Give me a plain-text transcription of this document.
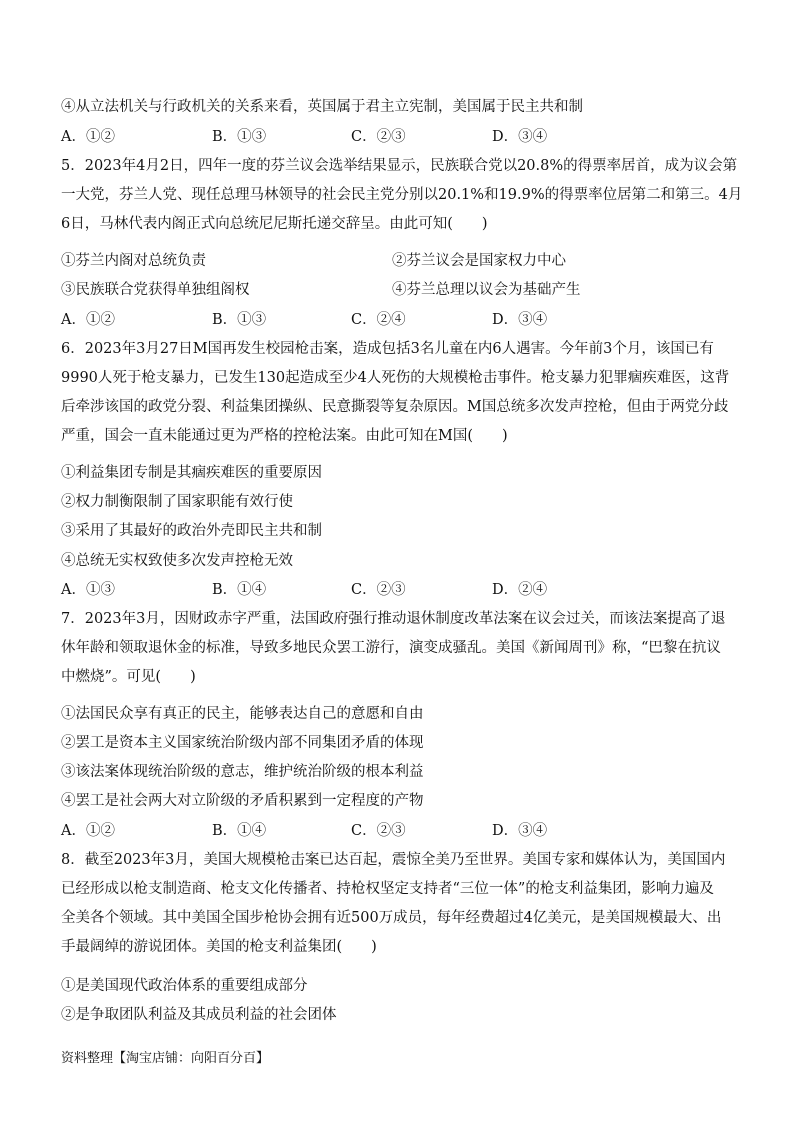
④从立法机关与行政机关的关系来看，英国属于君主立宪制，美国属于民主共和制
A．①②	B．①③	C．②③	D．③④
5．2023年4月2日，四年一度的芬兰议会选举结果显示，民族联合党以20.8%的得票率居首，成为议会第
一大党，芬兰人党、现任总理马林领导的社会民主党分别以20.1%和19.9%的得票率位居第二和第三。4月
6日，马林代表内阁正式向总统尼尼斯托递交辞呈。由此可知(　　)
①芬兰内阁对总统负责	②芬兰议会是国家权力中心
③民族联合党获得单独组阁权	④芬兰总理以议会为基础产生
A．①②	B．①③	C．②④	D．③④
6．2023年3月27日M国再发生校园枪击案，造成包括3名儿童在内6人遇害。今年前3个月，该国已有
9990人死于枪支暴力，已发生130起造成至少4人死伤的大规模枪击事件。枪支暴力犯罪痼疾难医，这背
后牵涉该国的政党分裂、利益集团操纵、民意撕裂等复杂原因。M国总统多次发声控枪，但由于两党分歧
严重，国会一直未能通过更为严格的控枪法案。由此可知在M国(　　)
①利益集团专制是其痼疾难医的重要原因
②权力制衡限制了国家职能有效行使
③采用了其最好的政治外壳即民主共和制
④总统无实权致使多次发声控枪无效
A．①③	B．①④	C．②③	D．②④
7．2023年3月，因财政赤字严重，法国政府强行推动退休制度改革法案在议会过关，而该法案提高了退
休年龄和领取退休金的标准，导致多地民众罢工游行，演变成骚乱。美国《新闻周刊》称，“巴黎在抗议
中燃烧”。可见(　　)
①法国民众享有真正的民主，能够表达自己的意愿和自由
②罢工是资本主义国家统治阶级内部不同集团矛盾的体现
③该法案体现统治阶级的意志，维护统治阶级的根本利益
④罢工是社会两大对立阶级的矛盾积累到一定程度的产物
A．①②	B．①④	C．②③	D．③④
8．截至2023年3月，美国大规模枪击案已达百起，震惊全美乃至世界。美国专家和媒体认为，美国国内
已经形成以枪支制造商、枪支文化传播者、持枪权坚定支持者“三位一体”的枪支利益集团，影响力遍及
全美各个领域。其中美国全国步枪协会拥有近500万成员，每年经费超过4亿美元，是美国规模最大、出
手最阔绰的游说团体。美国的枪支利益集团(　　)
①是美国现代政治体系的重要组成部分
②是争取团队利益及其成员利益的社会团体
资料整理【淘宝店铺：向阳百分百】
